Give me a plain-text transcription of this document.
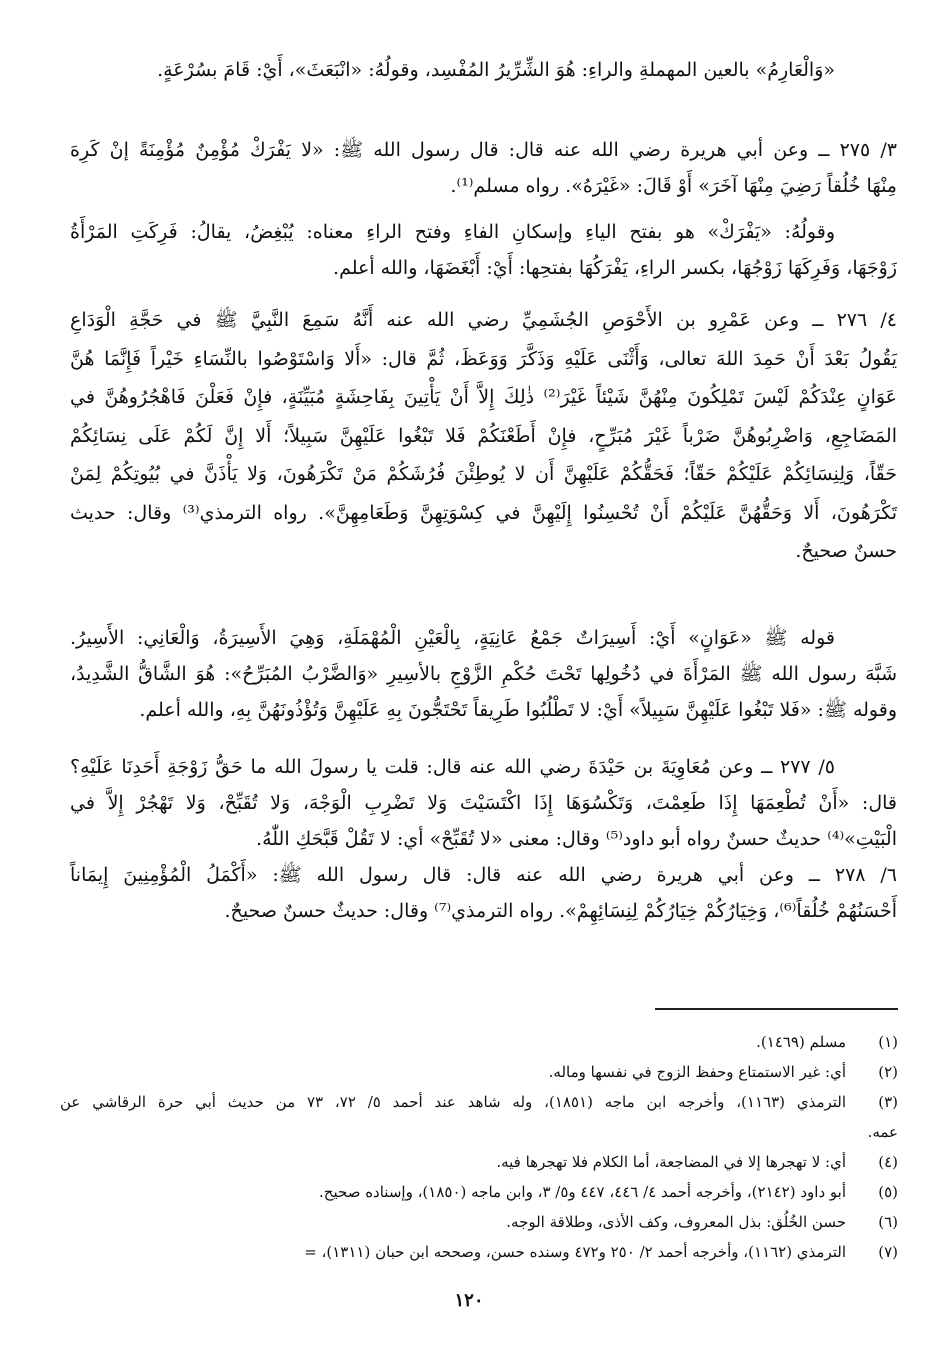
«وَالْعَارِمُ» بالعين المهملةِ والراءِ: هُوَ الشِّرِّيرُ المُفْسِد، وقولُهُ: «انْبَعَثَ»، أَيْ: قَامَ بسُرْعَةٍ.
٣/ ٢٧٥ ــ وعن أبي هريرة رضي الله عنه قال: قال رسول الله ﷺ: «لا يَفْرَكْ مُؤْمِنٌ مُؤْمِنَةً إنْ كَرِهَ
مِنْهَا خُلُقاً رَضِيَ مِنْهَا آخَرَ» أَوْ قَالَ: «غَيْرَهُ». رواه مسلم⁽¹⁾.
وقولُهُ: «يَفْرَكْ» هو بفتح الياءِ وإسكانِ الفاءِ وفتح الراءِ معناه: يُبْغِضُ، يقالُ: فَرِكَتِ المَرْأَةُ
زَوْجَهَا، وَفَرِكَهَا زَوْجُهَا، بكسر الراءِ، يَفْرَكُهَا بفتحِها: أَيْ: أَبْغَضَهَا، والله أعلم.
٤/ ٢٧٦ ــ وعن عَمْرِو بن الأَحْوَصِ الجُشَمِيِّ رضي الله عنه أَنَّهُ سَمِعَ النَّبِيَّ ﷺ في حَجَّةِ الْوَدَاعِ
يَقُولُ بَعْدَ أَنْ حَمِدَ اللهَ تعالى، وَأَثْنَى عَلَيْهِ وَذَكَّرَ وَوَعَظَ، ثُمَّ قال: «أَلا وَاسْتَوْصُوا بالنِّسَاءِ خَيْراً فَإِنَّمَا هُنَّ
عَوَانٍ عِنْدَكُمْ لَيْسَ تَمْلِكُونَ مِنْهُنَّ شَيْئاً غَيْرَ⁽²⁾ ذٰلِكَ إِلاَّ أَنْ يَأْتِينَ بِفَاحِشَةٍ مُبَيِّنَةٍ، فإِنْ فَعَلْنَ فَاهْجُرُوهُنَّ في
المَضَاجِعِ، وَاضْرِبُوهُنَّ ضَرْباً غَيْرَ مُبَرِّحٍ، فإِنْ أَطَعْنَكُمْ فَلا تَبْغُوا عَلَيْهِنَّ سَبِيلاً؛ أَلا إِنَّ لَكُمْ عَلَى نِسَائِكُمْ
حَقّاً، وَلِنِسَائِكُمْ عَلَيْكُمْ حَقّاً؛ فَحَقُّكُمْ عَلَيْهِنَّ أَن لا يُوطِئْنَ فُرُشَكُمْ مَنْ تَكْرَهُونَ، وَلا يَأْذَنَّ في بُيُوتِكُمْ لِمَنْ
تَكْرَهُونَ، أَلا وَحَقُّهُنَّ عَلَيْكُمْ أَنْ تُحْسِنُوا إِلَيْهِنَّ في كِسْوَتِهِنَّ وَطَعَامِهِنَّ». رواه الترمذي⁽³⁾ وقال: حديث
حسنٌ صحيحٌ.
قوله ﷺ «عَوَانٍ» أَيْ: أَسِيرَاتٌ جَمْعُ عَانِيَةٍ، بِالْعَيْنِ الْمُهْمَلَةِ، وَهِيَ الأَسِيرَةُ، وَالْعَانِي: الأَسِيرُ.
شَبَّهَ رسول الله ﷺ المَرْأَةَ في دُخُولِها تَحْتَ حُكْمِ الزَّوْجِ بالأسِيرِ «وَالضَّرْبُ المُبَرِّحُ»: هُوَ الشَّاقُّ الشَّدِيدُ،
وقوله ﷺ: «فَلا تَبْغُوا عَلَيْهِنَّ سَبِيلاً» أَيْ: لا تَطْلُبُوا طَرِيقاً تَحْتَجُّونَ بِهِ عَلَيْهِنَّ وَتُؤْذُونَهُنَّ بِهِ، والله أعلم.
٥/ ٢٧٧ ــ وعن مُعَاوِيَةَ بن حَيْدَةَ رضي الله عنه قال: قلت يا رسولَ الله ما حَقُّ زَوْجَةِ أَحَدِنَا عَلَيْهِ؟
قال: «أَنْ تُطْعِمَهَا إِذَا طَعِمْتَ، وَتَكْسُوَهَا إِذَا اكْتَسَيْتَ وَلا تَضْرِبِ الْوَجْهَ، وَلا تُقَبِّحْ، وَلا تَهْجُرْ إِلاَّ في
الْبَيْتِ»⁽⁴⁾ حديثٌ حسنٌ رواه أبو داود⁽⁵⁾ وقال: معنى «لا تُقَبِّحْ» أي: لا تَقُلْ قَبَّحَكِ اللّٰهُ.
٦/ ٢٧٨ ــ وعن أبي هريرة رضي الله عنه قال: قال رسول الله ﷺ: «أَكْمَلُ الْمُؤْمِنِينَ إِيمَاناً
أَحْسَنُهُمْ خُلُقاً⁽⁶⁾، وَخِيَارُكُمْ خِيَارُكُمْ لِنِسَائِهِمْ». رواه الترمذي⁽⁷⁾ وقال: حديثٌ حسنٌ صحيحٌ.
(١)
مسلم (١٤٦٩).
(٢)
أي: غير الاستمتاع وحفظ الزوج في نفسها وماله.
(٣)
الترمذي (١١٦٣)، وأخرجه ابن ماجه (١٨٥١)، وله شاهد عند أحمد ٥/ ٧٢، ٧٣ من حديث أبي حرة الرقاشي عن
عمه.
(٤)
أي: لا تهجرها إلا في المضاجعة، أما الكلام فلا تهجرها فيه.
(٥)
أبو داود (٢١٤٢)، وأخرجه أحمد ٤/ ٤٤٦، ٤٤٧ و٥/ ٣، وابن ماجه (١٨٥٠)، وإسناده صحيح.
(٦)
حسن الخُلُق: بذل المعروف، وكف الأذى، وطلاقة الوجه.
(٧)
الترمذي (١١٦٢)، وأخرجه أحمد ٢/ ٢٥٠ و٤٧٢ وسنده حسن، وصححه ابن حبان (١٣١١)، =
١٢٠
